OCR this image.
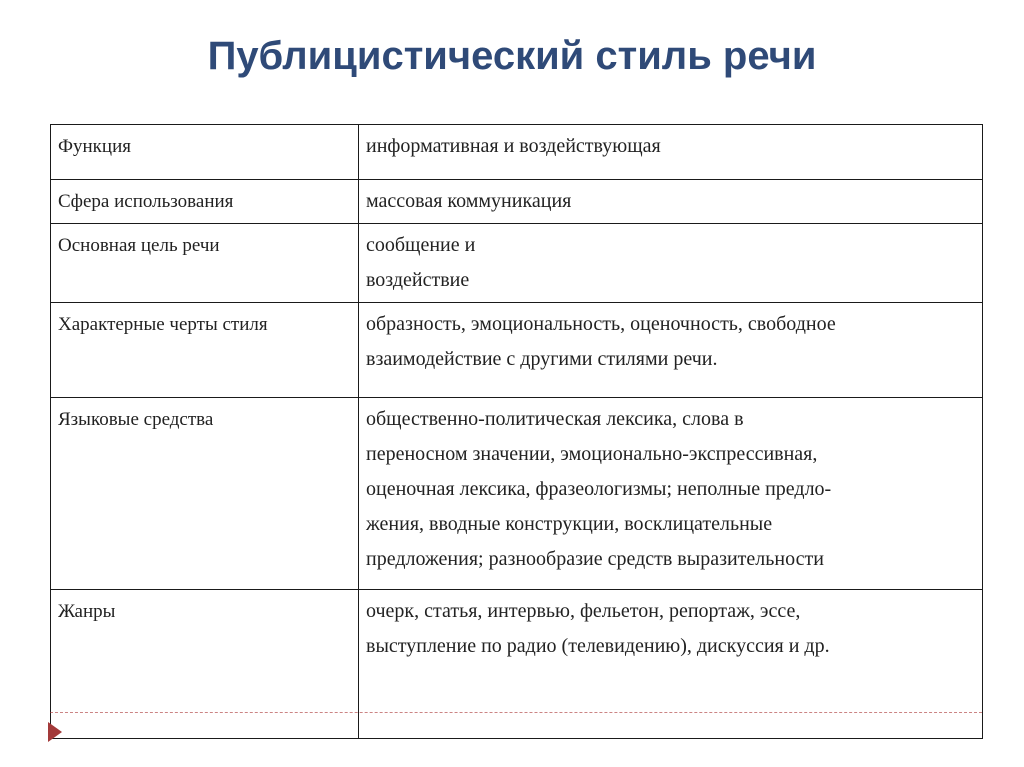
Публицистический стиль речи
Функция	информативная и воздействующая
Сфера использования	массовая коммуникация
Основная цель речи	сообщение и
воздействие

Характерные черты стиля	образность, эмоциональность, оценочность, свободное
взаимодействие с другими стилями речи.

Языковые средства	общественно-политическая лексика, слова в
переносном значении, эмоционально-экспрессивная,
оценочная лексика, фразеологизмы; неполные предло-
жения, вводные конструкции, восклицательные
предложения; разнообразие средств выразительности

Жанры	очерк, статья, интервью, фельетон, репортаж, эссе,
выступление по радио (телевидению), дискуссия и др.
